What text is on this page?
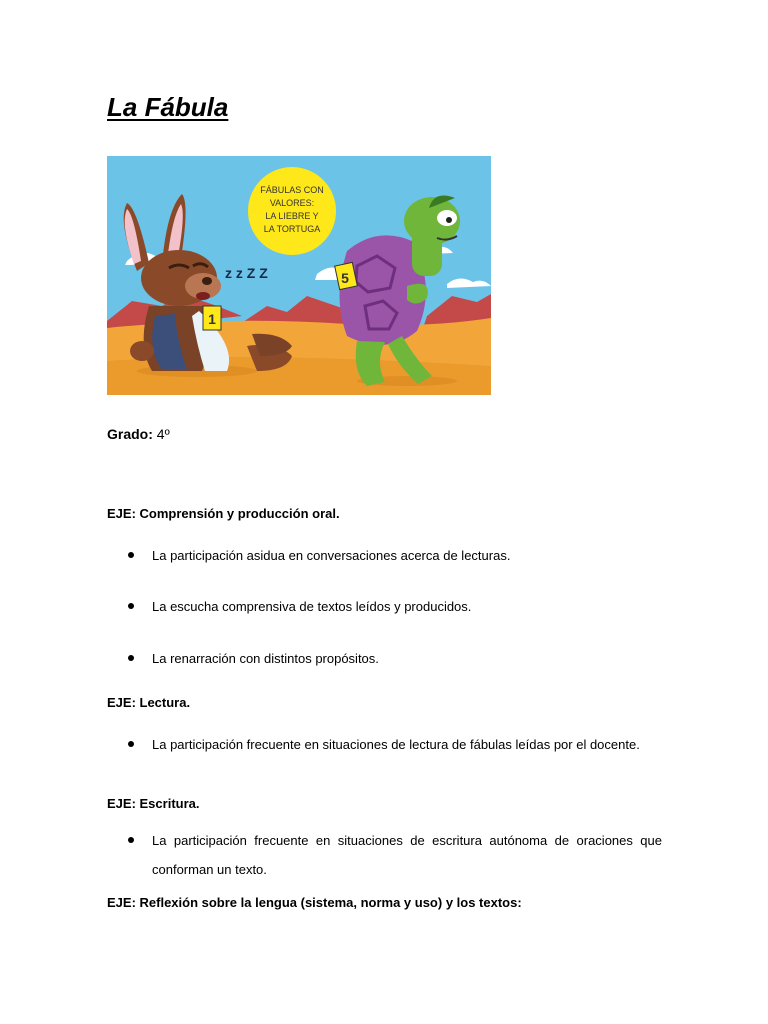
La Fábula
FÁBULAS CON
VALORES:
LA LIEBRE Y
LA TORTUGA
1
z z Z Z	5
Grado: 4º

EJE: Comprensión y producción oral.

La participación asidua en conversaciones acerca de lecturas.
La escucha comprensiva de textos leídos y producidos.
La renarración con distintos propósitos.

EJE: Lectura.

La participación frecuente en situaciones de lectura de fábulas leídas por el docente.

EJE: Escritura.

La participación frecuente en situaciones de escritura autónoma de oraciones que conforman un texto.

EJE: Reflexión sobre la lengua (sistema, norma y uso) y los textos:
